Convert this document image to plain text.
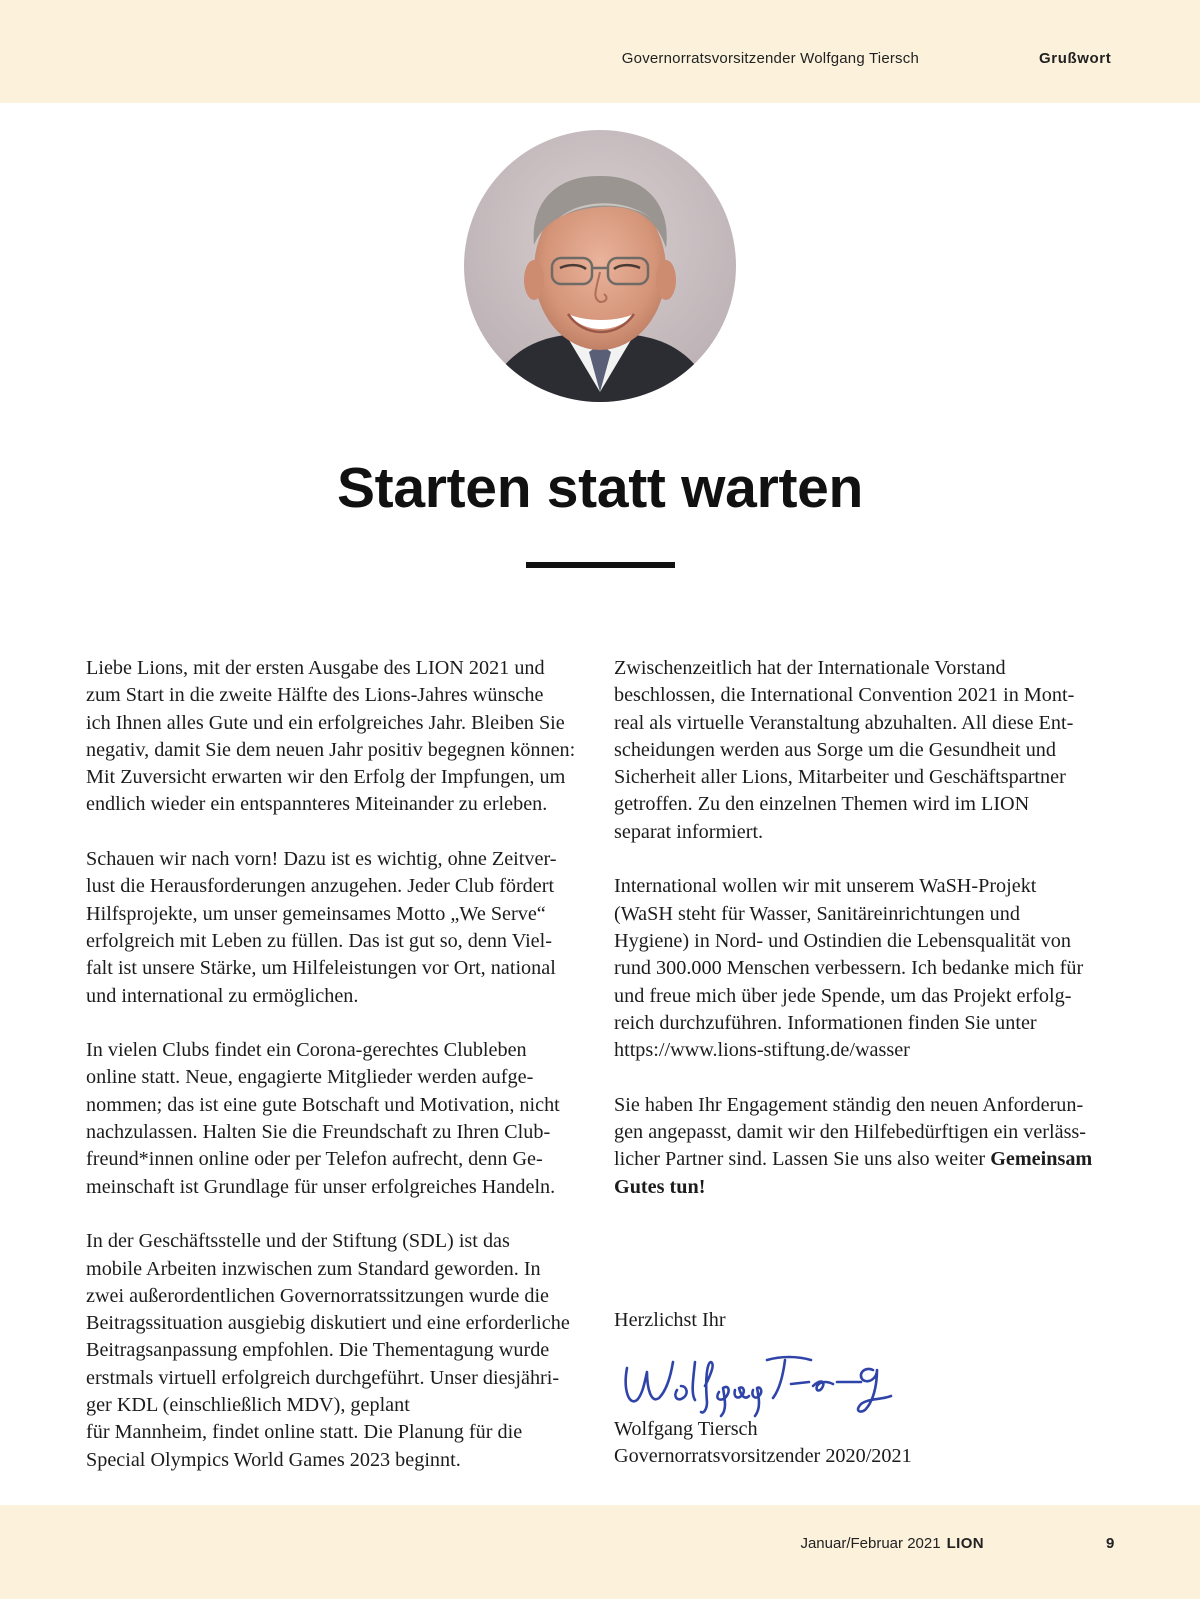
Governorratsvorsitzender Wolfgang Tiersch	Grußwort
Starten statt warten

Liebe Lions, mit der ersten Ausgabe des LION 2021 und
zum Start in die zweite Hälfte des Lions-Jahres wünsche
ich Ihnen alles Gute und ein erfolgreiches Jahr. Bleiben Sie
negativ, damit Sie dem neuen Jahr positiv begegnen können:
Mit Zuversicht erwarten wir den Erfolg der Impfungen, um
endlich wieder ein entspannteres Miteinander zu erleben.

Schauen wir nach vorn! Dazu ist es wichtig, ohne Zeitver-
lust die Herausforderungen anzugehen. Jeder Club fördert
Hilfsprojekte, um unser gemeinsames Motto „We Serve“
erfolgreich mit Leben zu füllen. Das ist gut so, denn Viel-
falt ist unsere Stärke, um Hilfeleistungen vor Ort, national
und international zu ermöglichen.

In vielen Clubs findet ein Corona-gerechtes Clubleben
online statt. Neue, engagierte Mitglieder werden aufge-
nommen; das ist eine gute Botschaft und Motivation, nicht
nachzulassen. Halten Sie die Freundschaft zu Ihren Club-
freund*innen online oder per Telefon aufrecht, denn Ge-
meinschaft ist Grundlage für unser erfolgreiches Handeln.

In der Geschäftsstelle und der Stiftung (SDL) ist das
mobile Arbeiten inzwischen zum Standard geworden. In
zwei außerordentlichen Governorratssitzungen wurde die
Beitragssituation ausgiebig diskutiert und eine erforderliche
Beitragsanpassung empfohlen. Die Thementagung wurde
erstmals virtuell erfolgreich durchgeführt. Unser diesjähri-
ger KDL (einschließlich MDV), geplant
für Mannheim, findet online statt. Die Planung für die
Special Olympics World Games 2023 beginnt.

Zwischenzeitlich hat der Internationale Vorstand
beschlossen, die International Convention 2021 in Mont-
real als virtuelle Veranstaltung abzuhalten. All diese Ent-
scheidungen werden aus Sorge um die Gesundheit und
Sicherheit aller Lions, Mitarbeiter und Geschäftspartner
getroffen. Zu den einzelnen Themen wird im LION
separat informiert.

International wollen wir mit unserem WaSH-Projekt
(WaSH steht für Wasser, Sanitäreinrichtungen und
Hygiene) in Nord- und Ostindien die Lebensqualität von
rund 300.000 Menschen verbessern. Ich bedanke mich für
und freue mich über jede Spende, um das Projekt erfolg-
reich durchzuführen. Informationen finden Sie unter
https://www.lions-stiftung.de/wasser

Sie haben Ihr Engagement ständig den neuen Anforderun-
gen angepasst, damit wir den Hilfebedürftigen ein verläss-
licher Partner sind. Lassen Sie uns also weiter Gemeinsam
Gutes tun!

Herzlichst Ihr
Wolfgang Tiersch
Governorratsvorsitzender 2020/2021
Januar/Februar 2021 LION	9
